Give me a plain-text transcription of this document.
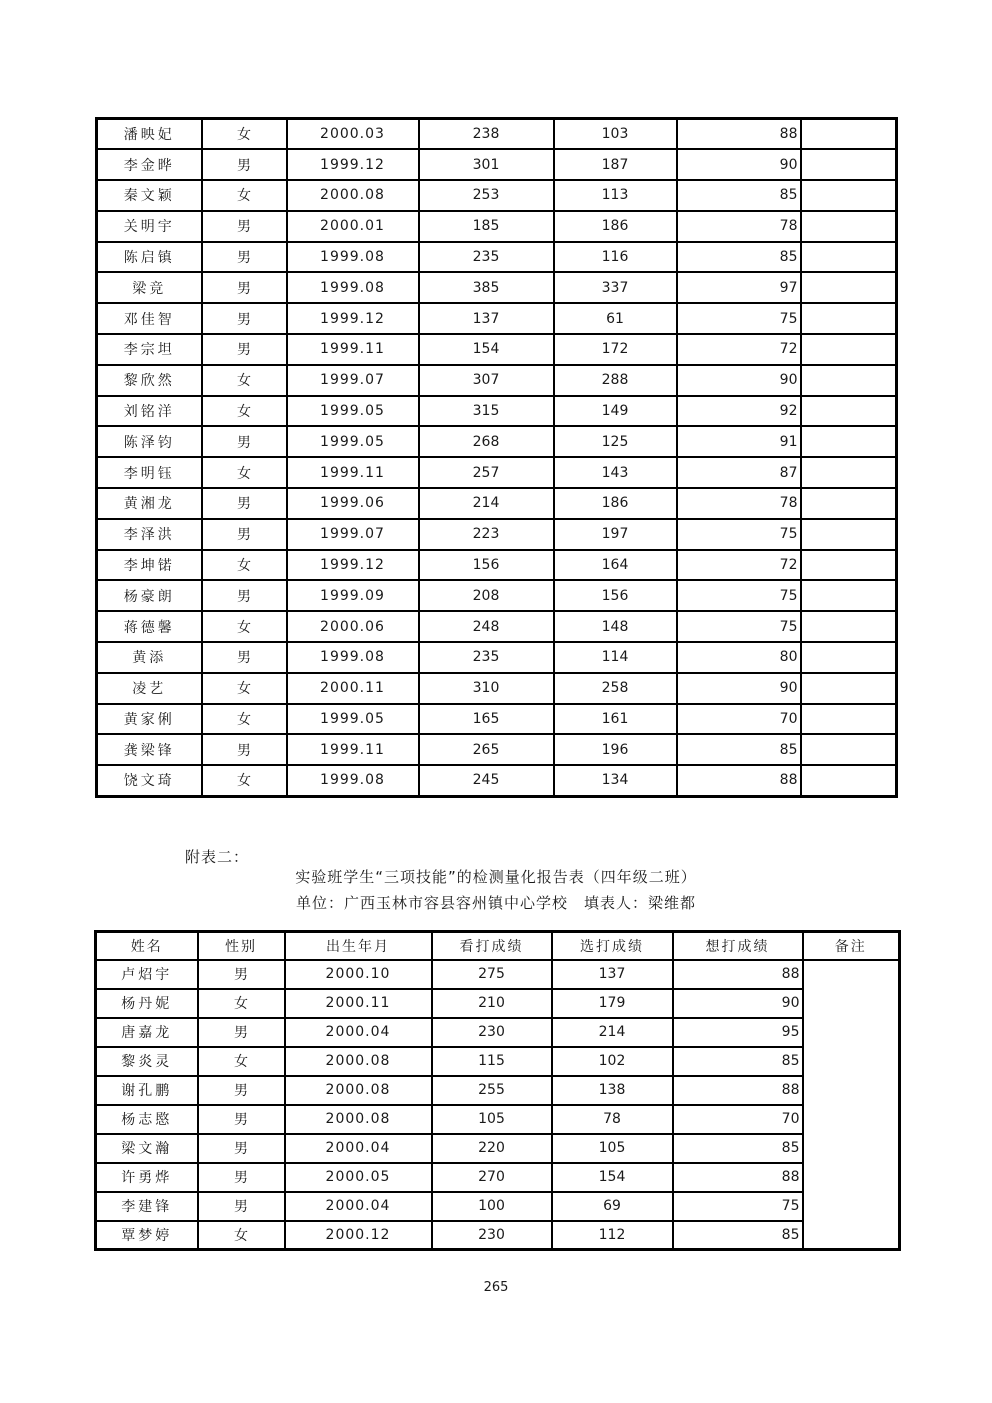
潘映妃	女	2000.03	238	103	88	
李金晔	男	1999.12	301	187	90	
秦文颖	女	2000.08	253	113	85	
关明宇	男	2000.01	185	186	78	
陈启镇	男	1999.08	235	116	85	
梁竞	男	1999.08	385	337	97	
邓佳智	男	1999.12	137	61	75	
李宗坦	男	1999.11	154	172	72	
黎欣然	女	1999.07	307	288	90	
刘铭洋	女	1999.05	315	149	92	
陈泽钧	男	1999.05	268	125	91	
李明钰	女	1999.11	257	143	87	
黄湘龙	男	1999.06	214	186	78	
李泽洪	男	1999.07	223	197	75	
李坤锘	女	1999.12	156	164	72	
杨豪朗	男	1999.09	208	156	75	
蒋德馨	女	2000.06	248	148	75	
黄添	男	1999.08	235	114	80	
凌艺	女	2000.11	310	258	90	
黄家俐	女	1999.05	165	161	70	
龚梁锋	男	1999.11	265	196	85	
饶文琦	女	1999.08	245	134	88	
附表二：
实验班学生“三项技能”的检测量化报告表（四年级二班）
单位：广西玉林市容县容州镇中心学校　填表人：梁维都
姓名	性别	出生年月	看打成绩	选打成绩	想打成绩	备注
卢炤宇	男	2000.10	275	137	88	
杨丹妮	女	2000.11	210	179	90	
唐嘉龙	男	2000.04	230	214	95	
黎炎灵	女	2000.08	115	102	85	
谢孔鹏	男	2000.08	255	138	88	
杨志愍	男	2000.08	105	78	70	
梁文瀚	男	2000.04	220	105	85	
许勇烨	男	2000.05	270	154	88	
李建锋	男	2000.04	100	69	75	
覃梦婷	女	2000.12	230	112	85	
265
